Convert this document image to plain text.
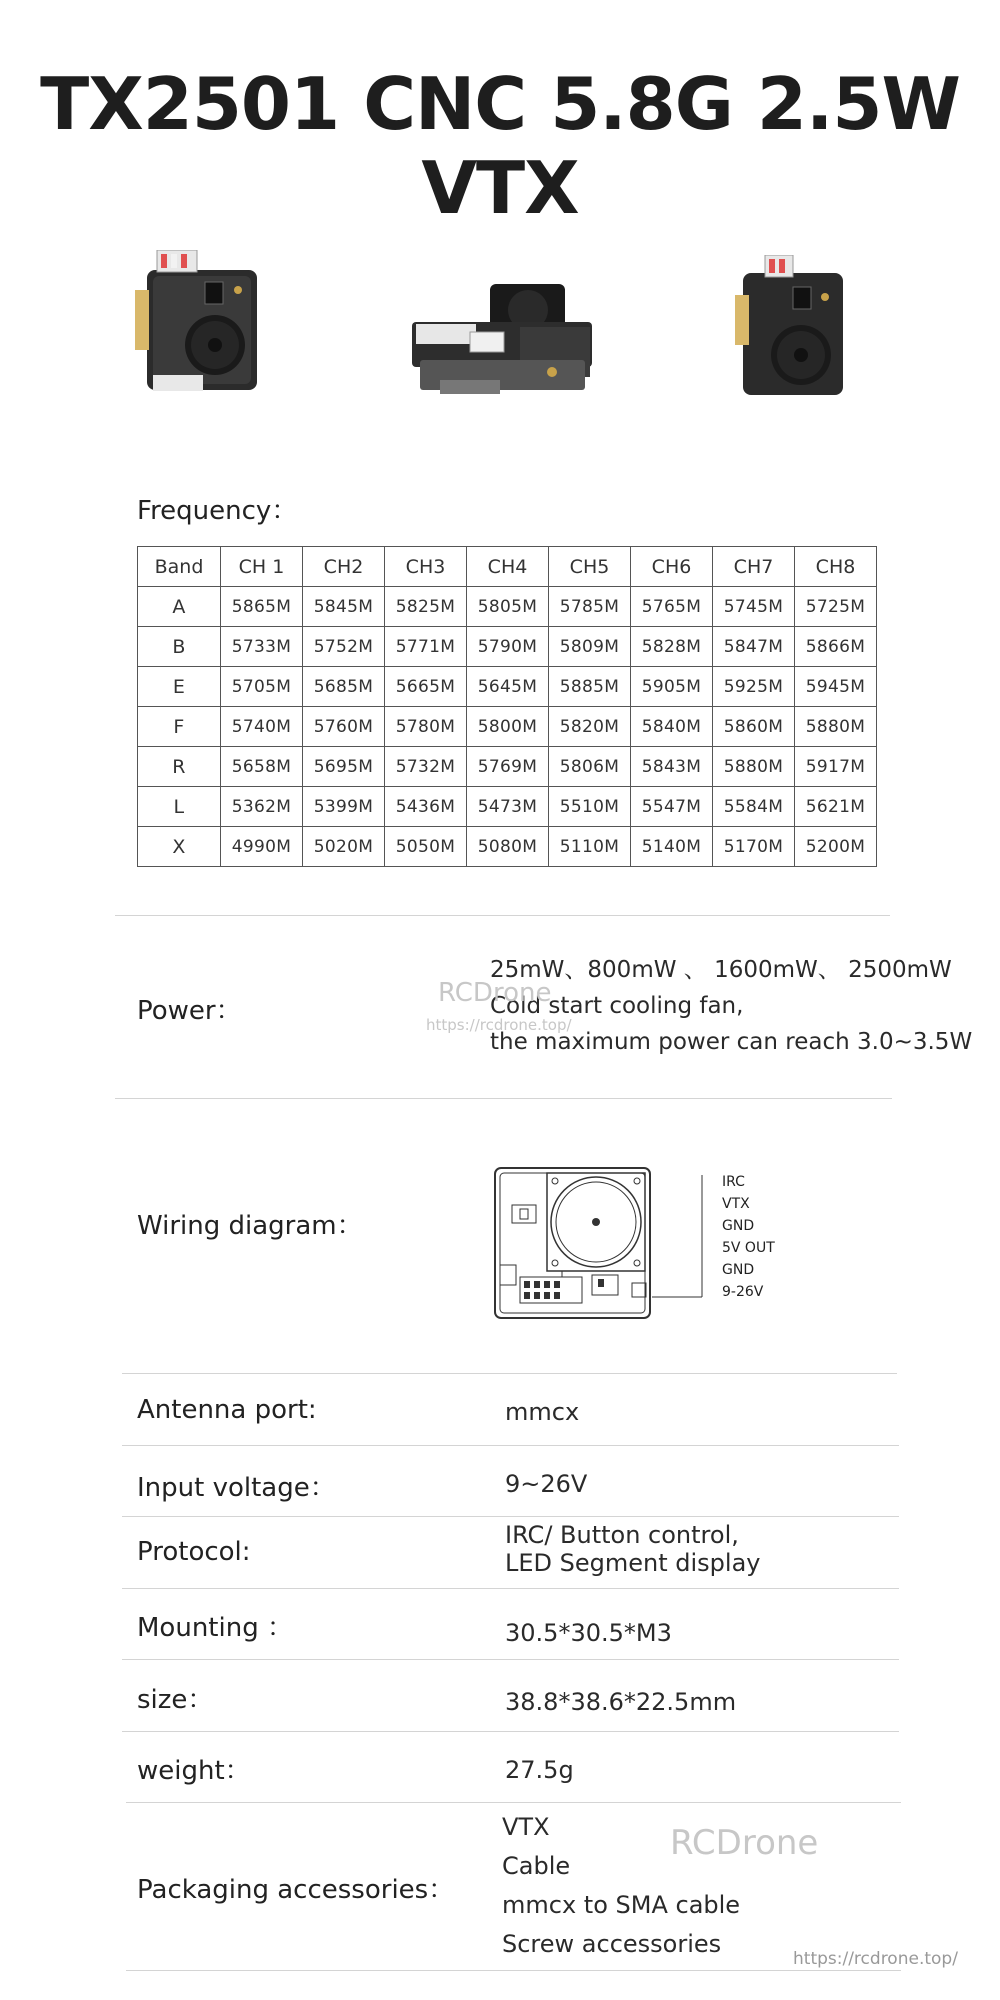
TX2501 CNC 5.8G 2.5W VTX
Frequency：
Band	CH 1	CH2	CH3	CH4	CH5	CH6	CH7	CH8
A	5865M	5845M	5825M	5805M	5785M	5765M	5745M	5725M
B	5733M	5752M	5771M	5790M	5809M	5828M	5847M	5866M
E	5705M	5685M	5665M	5645M	5885M	5905M	5925M	5945M
F	5740M	5760M	5780M	5800M	5820M	5840M	5860M	5880M
R	5658M	5695M	5732M	5769M	5806M	5843M	5880M	5917M
L	5362M	5399M	5436M	5473M	5510M	5547M	5584M	5621M
X	4990M	5020M	5050M	5080M	5110M	5140M	5170M	5200M
Power：
25mW、800mW 、 1600mW、 2500mW
Cold start cooling fan,
the maximum power can reach 3.0~3.5W
RCDrone
https://rcdrone.top/
Wiring diagram：
IRC
VTX
GND
5V OUT
GND
9-26V
Antenna port:	mmcx
Input voltage：	9~26V
Protocol:
IRC/ Button control,
LED Segment display
Mounting ：	30.5*30.5*M3
size：	38.8*38.6*22.5mm
weight：	27.5g
Packaging accessories：
VTX
Cable
mmcx to SMA cable
Screw accessories
RCDrone
https://rcdrone.top/
